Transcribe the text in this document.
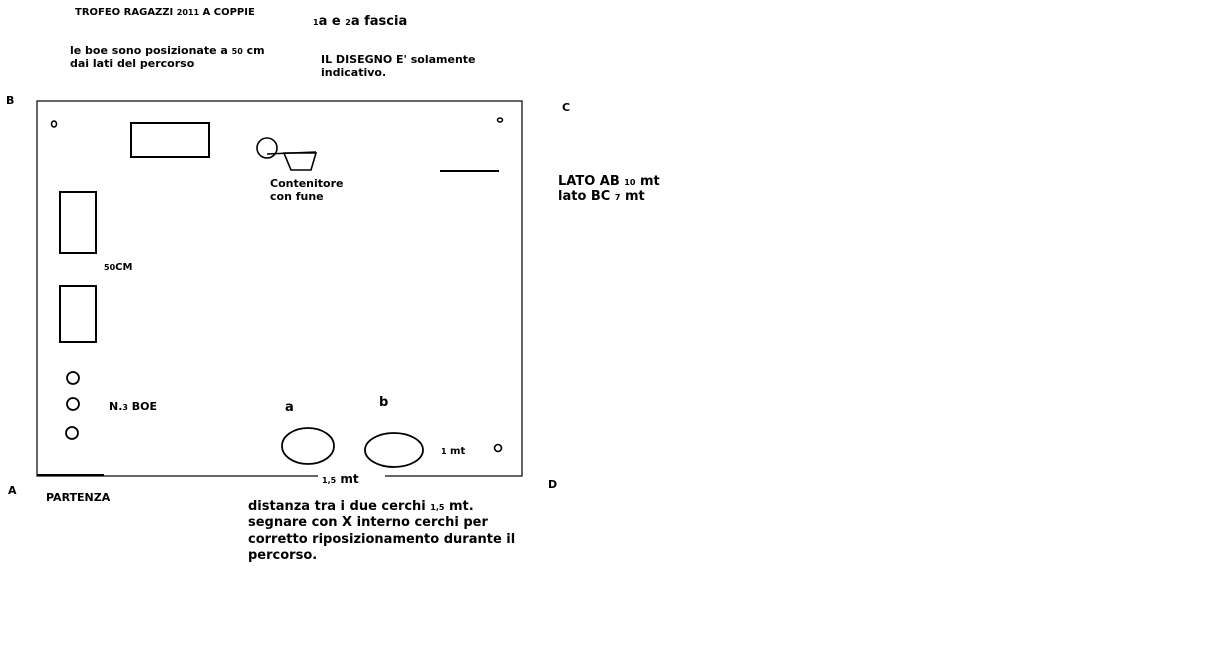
TROFEO RAGAZZI 2011 A COPPIE
1a e 2a fascia
le boe sono posizionate a 50 cm
dai lati del percorso	IL DISEGNO E' solamente
indicativo.
B
C
A	D
LATO AB 10 mt
lato BC 7 mt
Contenitore
con fune
50CM
N.3 BOE	a	b
1 mt
1,5 mt
PARTENZA
distanza tra i due cerchi 1,5 mt.
segnare con X interno cerchi per
corretto riposizionamento durante il
percorso.
